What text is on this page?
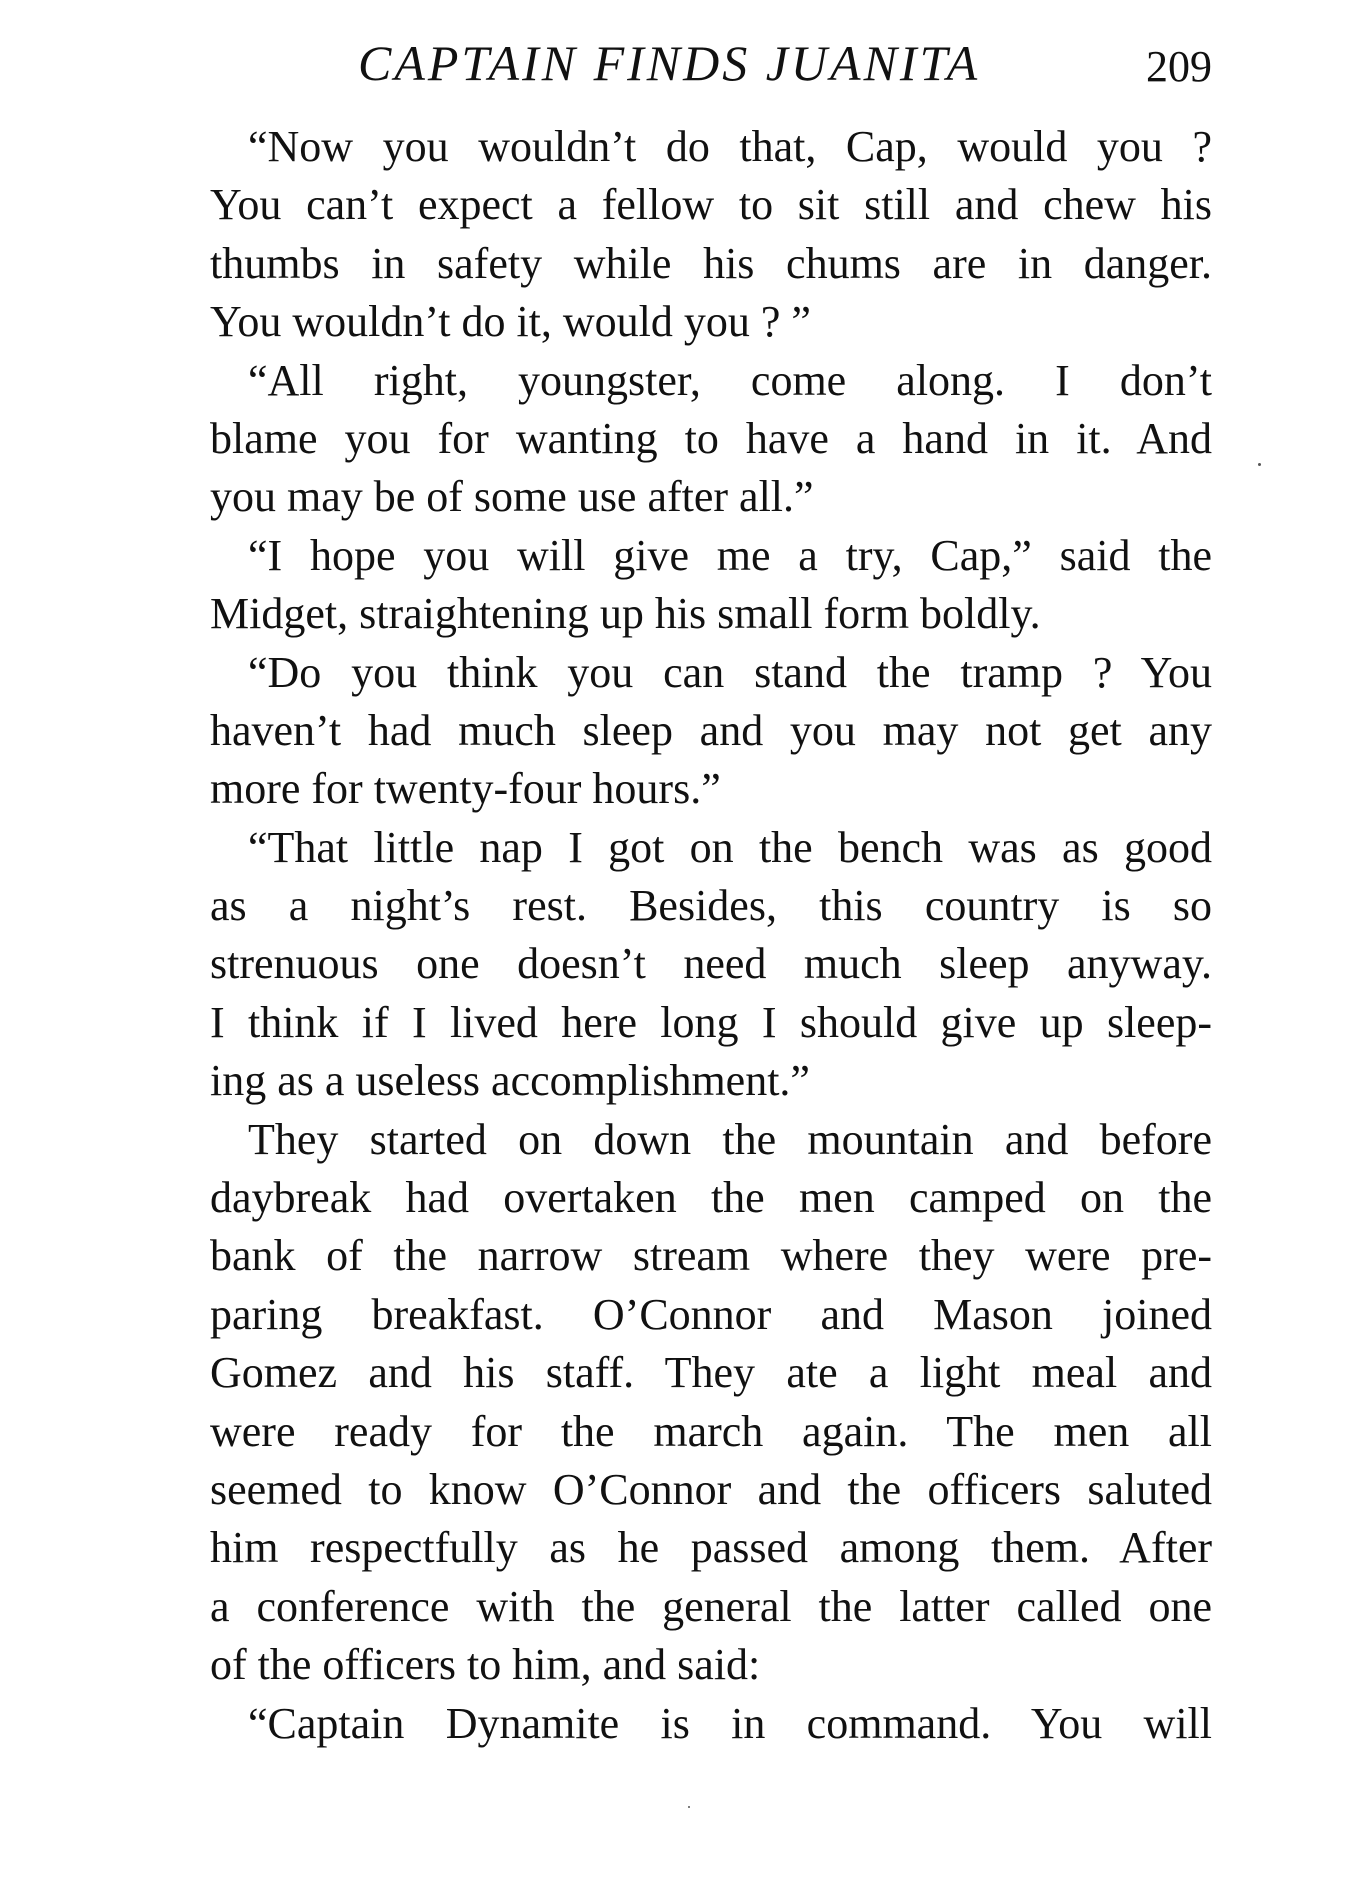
CAPTAIN FINDS JUANITA	209
“Now you wouldn’t do that, Cap, would you ?
You can’t expect a fellow to sit still and chew his
thumbs in safety while his chums are in danger.
You wouldn’t do it, would you ? ”
“All right, youngster, come along. I don’t
blame you for wanting to have a hand in it. And
you may be of some use after all.”
“I hope you will give me a try, Cap,” said the
Midget, straightening up his small form boldly.
“Do you think you can stand the tramp ? You
haven’t had much sleep and you may not get any
more for twenty-four hours.”
“That little nap I got on the bench was as good
as a night’s rest. Besides, this country is so
strenuous one doesn’t need much sleep anyway.
I think if I lived here long I should give up sleep-
ing as a useless accomplishment.”
They started on down the mountain and before
daybreak had overtaken the men camped on the
bank of the narrow stream where they were pre-
paring breakfast. O’Connor and Mason joined
Gomez and his staff. They ate a light meal and
were ready for the march again. The men all
seemed to know O’Connor and the officers saluted
him respectfully as he passed among them. After
a conference with the general the latter called one
of the officers to him, and said:
“Captain Dynamite is in command. You will
